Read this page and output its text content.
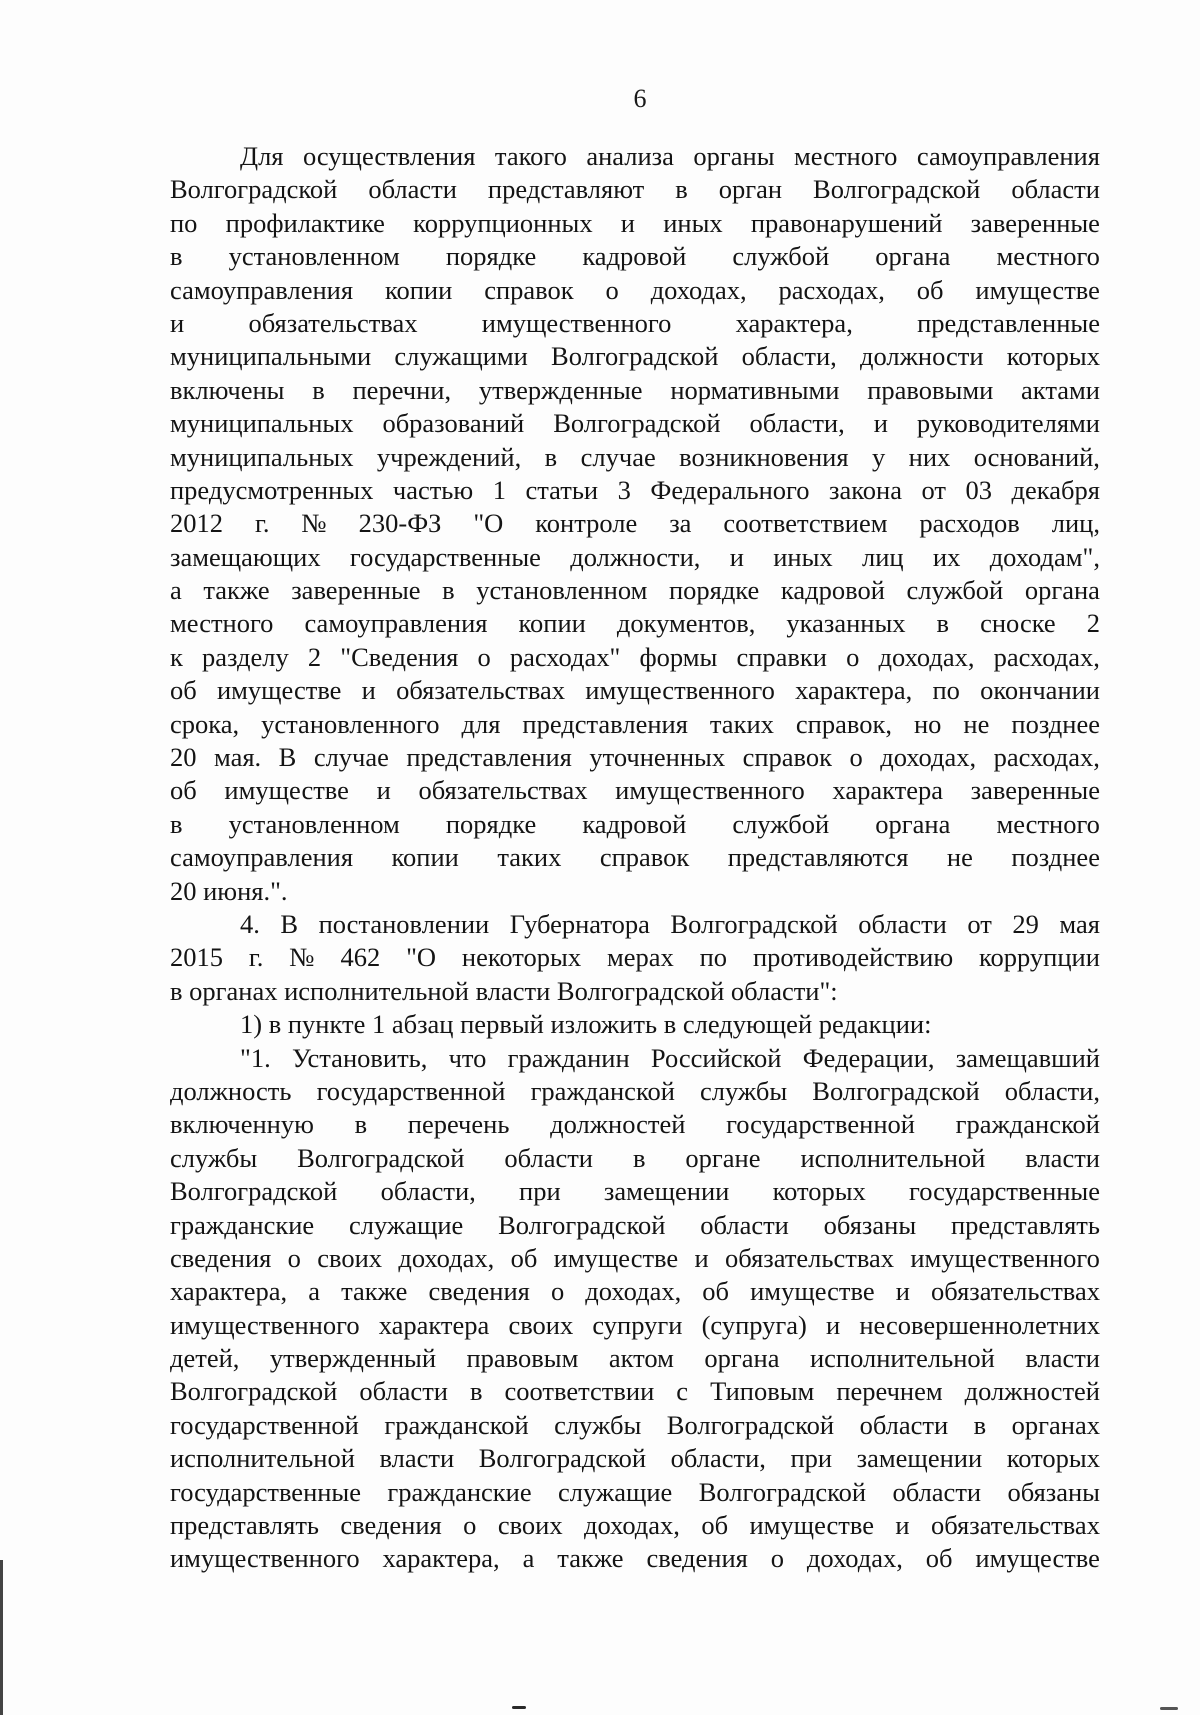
6
Для осуществления такого анализа органы местного самоуправления
Волгоградской области представляют в орган Волгоградской области
по профилактике коррупционных и иных правонарушений заверенные
в установленном порядке кадровой службой органа местного
самоуправления копии справок о доходах, расходах, об имуществе
и обязательствах имущественного характера, представленные
муниципальными служащими Волгоградской области, должности которых
включены в перечни, утвержденные нормативными правовыми актами
муниципальных образований Волгоградской области, и руководителями
муниципальных учреждений, в случае возникновения у них оснований,
предусмотренных частью 1 статьи 3 Федерального закона от 03 декабря
2012 г. № 230-ФЗ "О контроле за соответствием расходов лиц,
замещающих государственные должности, и иных лиц их доходам",
а также заверенные в установленном порядке кадровой службой органа
местного самоуправления копии документов, указанных в сноске 2
к разделу 2 "Сведения о расходах" формы справки о доходах, расходах,
об имуществе и обязательствах имущественного характера, по окончании
срока, установленного для представления таких справок, но не позднее
20 мая. В случае представления уточненных справок о доходах, расходах,
об имуществе и обязательствах имущественного характера заверенные
в установленном порядке кадровой службой органа местного
самоуправления копии таких справок представляются не позднее
20 июня.".
4. В постановлении Губернатора Волгоградской области от 29 мая
2015 г. № 462 "О некоторых мерах по противодействию коррупции
в органах исполнительной власти Волгоградской области":
1) в пункте 1 абзац первый изложить в следующей редакции:
"1. Установить, что гражданин Российской Федерации, замещавший
должность государственной гражданской службы Волгоградской области,
включенную в перечень должностей государственной гражданской
службы Волгоградской области в органе исполнительной власти
Волгоградской области, при замещении которых государственные
гражданские служащие Волгоградской области обязаны представлять
сведения о своих доходах, об имуществе и обязательствах имущественного
характера, а также сведения о доходах, об имуществе и обязательствах
имущественного характера своих супруги (супруга) и несовершеннолетних
детей, утвержденный правовым актом органа исполнительной власти
Волгоградской области в соответствии с Типовым перечнем должностей
государственной гражданской службы Волгоградской области в органах
исполнительной власти Волгоградской области, при замещении которых
государственные гражданские служащие Волгоградской области обязаны
представлять сведения о своих доходах, об имуществе и обязательствах
имущественного характера, а также сведения о доходах, об имуществе
